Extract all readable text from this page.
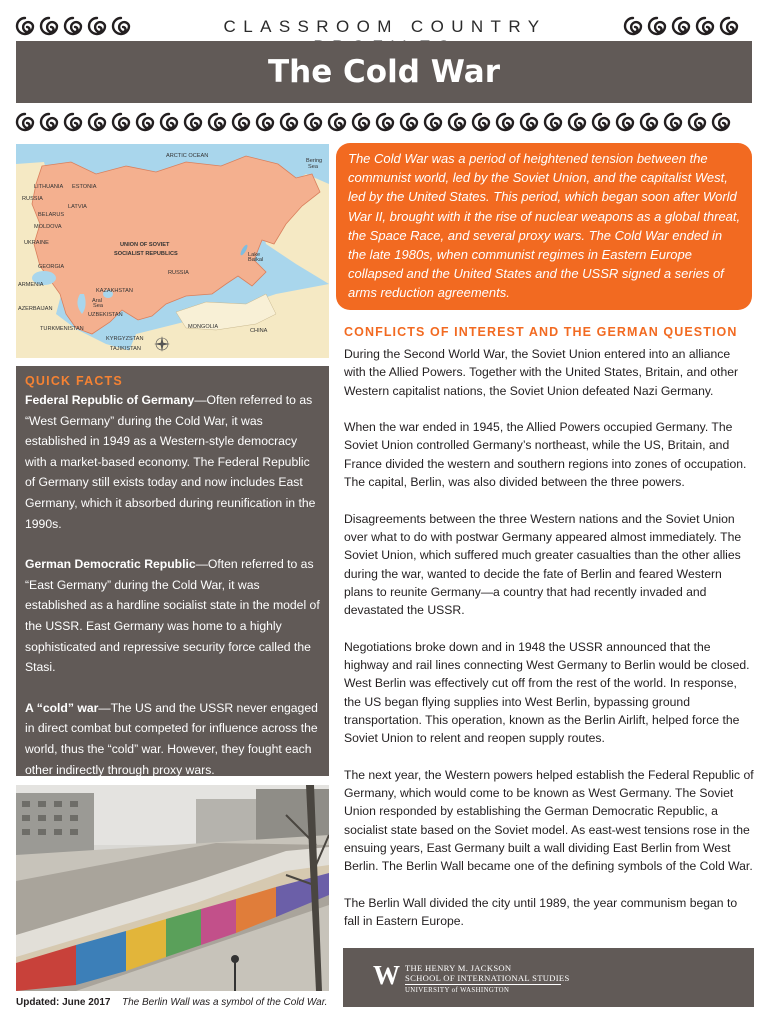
CLASSROOM COUNTRY
The Cold War
ARCTIC OCEAN
Bering
Sea
LITHUANIA ESTONIA
RUSSIA
LATVIA
BELARUS
MOLDOVA
UKRAINE
GEORGIA
ARMENIA
AZERBAIJAN
TURKMENISTAN
UZBEKISTAN
KYRGYZSTAN
TAJIKISTAN
KAZAKHSTAN
UNION OF SOVIET
SOCIALIST REPUBLICS
RUSSIA
MONGOLIA
CHINA
Aral
Sea
Lake
Baikal

The Cold War was a period of heightened tension between the communist world, led by the Soviet Union, and the capitalist West, led by the United States. This period, which began soon after World War II, brought with it the rise of nuclear weapons as a global threat, the Space Race, and several proxy wars. The Cold War ended in the late 1980s, when communist regimes in Eastern Europe collapsed and the United States and the USSR signed a series of arms reduction agreements.

QUICK FACTS

Federal Republic of Germany—Often referred to as “West Germany” during the Cold War, it was established in 1949 as a Western-style democracy with a market-based economy. The Federal Republic of Germany still exists today and now includes East Germany, which it absorbed during reunification in the 1990s.

German Democratic Republic—Often referred to as “East Germany” during the Cold War, it was established as a hardline socialist state in the model of the USSR. East Germany was home to a highly sophisticated and repressive security force called the Stasi.

A “cold” war—The US and the USSR never engaged in direct combat but competed for influence across the world, thus the “cold” war. However, they fought each other indirectly through proxy wars.

Updated: June 2017 The Berlin Wall was a symbol of the Cold War.
CONFLICTS OF INTEREST AND THE GERMAN QUESTION

During the Second World War, the Soviet Union entered into an alliance with the Allied Powers. Together with the United States, Britain, and other Western capitalist nations, the Soviet Union defeated Nazi Germany.

When the war ended in 1945, the Allied Powers occupied Germany. The Soviet Union controlled Germany’s northeast, while the US, Britain, and France divided the western and southern regions into zones of occupation. The capital, Berlin, was also divided between the three powers.

Disagreements between the three Western nations and the Soviet Union over what to do with postwar Germany appeared almost immediately. The Soviet Union, which suffered much greater casualties than the other allies during the war, wanted to decide the fate of Berlin and feared Western plans to reunite Germany—a country that had recently invaded and devastated the USSR.

Negotiations broke down and in 1948 the USSR announced that the highway and rail lines connecting West Germany to Berlin would be closed. West Berlin was effectively cut off from the rest of the world. In response, the US began flying supplies into West Berlin, bypassing ground transportation. This operation, known as the Berlin Airlift, helped force the Soviet Union to relent and reopen supply routes.

The next year, the Western powers helped establish the Federal Republic of Germany, which would come to be known as West Germany. The Soviet Union responded by establishing the German Democratic Republic, a socialist state based on the Soviet model. As east-west tensions rose in the ensuing years, East Germany built a wall dividing East Berlin from West Berlin. The Berlin Wall became one of the defining symbols of the Cold War.

The Berlin Wall divided the city until 1989, the year communism began to fall in Eastern Europe.

W THE HENRY M. JACKSON
SCHOOL OF INTERNATIONAL STUDIES
UNIVERSITY of WASHINGTON
